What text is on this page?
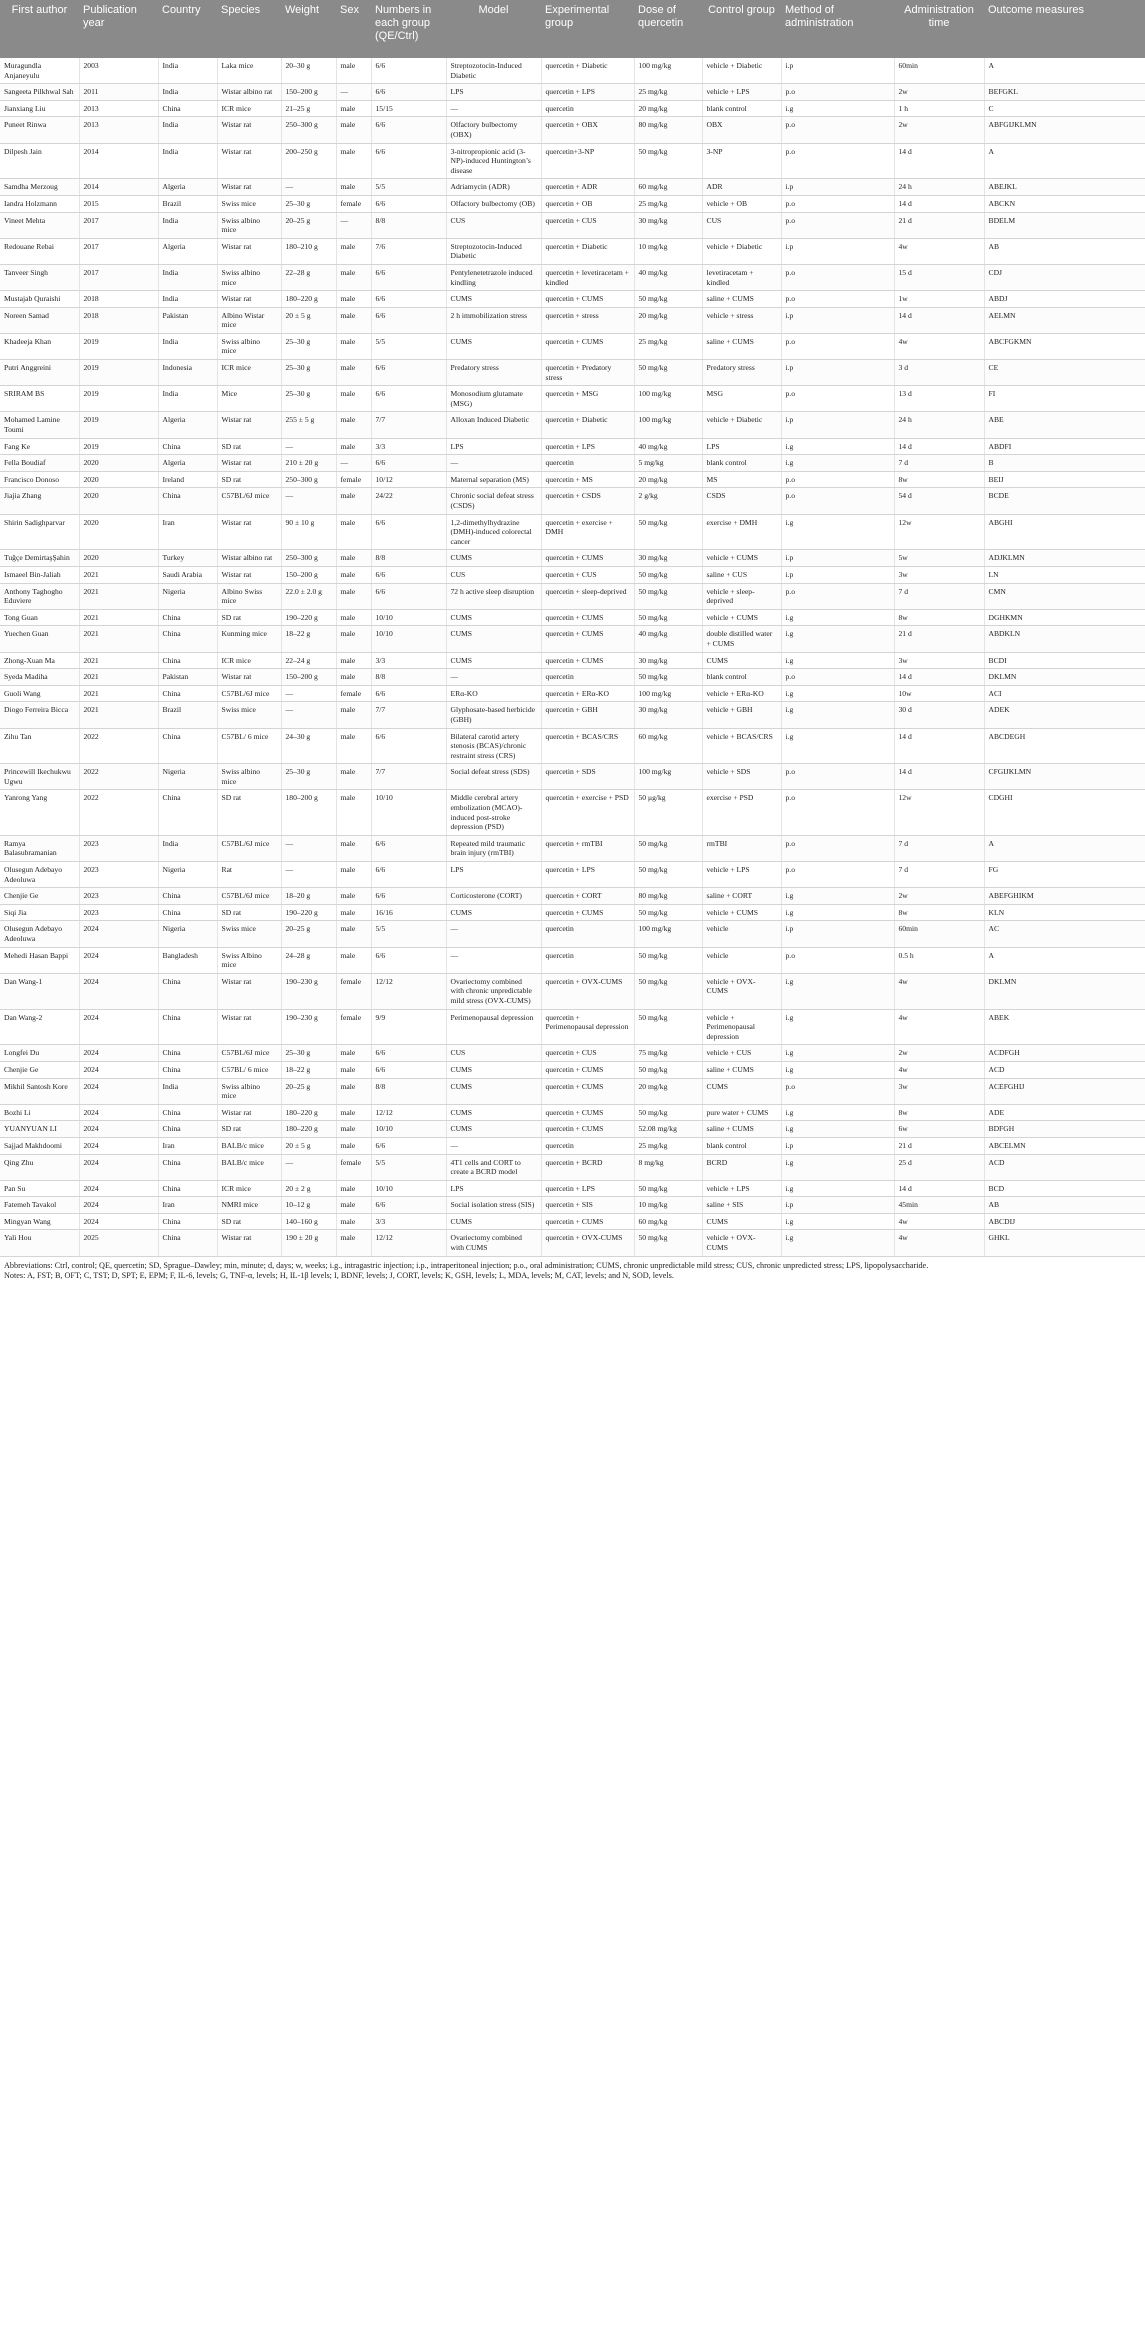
First author	Publication year	Country	Species	Weight	Sex	Numbers in each group (QE/Ctrl)	Model	Experimental group	Dose of quercetin	Control group	Method of administration	Administration time	Outcome measures
Muragundla Anjaneyulu	2003	India	Laka mice	20–30 g	male	6/6	Streptozotocin-Induced Diabetic	quercetin + Diabetic	100 mg/kg	vehicle + Diabetic	i.p	60min	A
Sangeeta Pilkhwal Sah	2011	India	Wistar albino rat	150–200 g	—	6/6	LPS	quercetin + LPS	25 mg/kg	vehicle + LPS	p.o	2w	BEFGKL
Jianxiang Liu	2013	China	ICR mice	21–25 g	male	15/15	—	quercetin	20 mg/kg	blank control	i.g	1 h	C
Puneet Rinwa	2013	India	Wistar rat	250–300 g	male	6/6	Olfactory bulbectomy (OBX)	quercetin + OBX	80 mg/kg	OBX	p.o	2w	ABFGIJKLMN
Dilpesh Jain	2014	India	Wistar rat	200–250 g	male	6/6	3-nitropropionic acid (3-NP)-induced Huntington’s disease	quercetin+3-NP	50 mg/kg	3-NP	p.o	14 d	A
Samdha Merzoug	2014	Algeria	Wistar rat	—	male	5/5	Adriamycin (ADR)	quercetin + ADR	60 mg/kg	ADR	i.p	24 h	ABEJKL
Iandra Holzmann	2015	Brazil	Swiss mice	25–30 g	female	6/6	Olfactory bulbectomy (OB)	quercetin + OB	25 mg/kg	vehicle + OB	p.o	14 d	ABCKN
Vineet Mehta	2017	India	Swiss albino mice	20–25 g	—	8/8	CUS	quercetin + CUS	30 mg/kg	CUS	p.o	21 d	BDELM
Redouane Rebai	2017	Algeria	Wistar rat	180–210 g	male	7/6	Streptozotocin-Induced Diabetic	quercetin + Diabetic	10 mg/kg	vehicle + Diabetic	i.p	4w	AB
Tanveer Singh	2017	India	Swiss albino mice	22–28 g	male	6/6	Pentylenetetrazole induced kindling	quercetin + levetiracetam + kindled	40 mg/kg	levetiracetam + kindled	p.o	15 d	CDJ
Mustajab Quraishi	2018	India	Wistar rat	180–220 g	male	6/6	CUMS	quercetin + CUMS	50 mg/kg	saline + CUMS	p.o	1w	ABDJ
Noreen Samad	2018	Pakistan	Albino Wistar mice	20 ± 5 g	male	6/6	2 h immobilization stress	quercetin + stress	20 mg/kg	vehicle + stress	i.p	14 d	AELMN
Khadeeja Khan	2019	India	Swiss albino mice	25–30 g	male	5/5	CUMS	quercetin + CUMS	25 mg/kg	saline + CUMS	p.o	4w	ABCFGKMN
Putri Anggreini	2019	Indonesia	ICR mice	25–30 g	male	6/6	Predatory stress	quercetin + Predatory stress	50 mg/kg	Predatory stress	i.p	3 d	CE
SRIRAM BS	2019	India	Mice	25–30 g	male	6/6	Monosodium glutamate (MSG)	quercetin + MSG	100 mg/kg	MSG	p.o	13 d	FI
Mohamed Lamine Toumi	2019	Algeria	Wistar rat	255 ± 5 g	male	7/7	Alloxan Induced Diabetic	quercetin + Diabetic	100 mg/kg	vehicle + Diabetic	i.p	24 h	ABE
Fang Ke	2019	China	SD rat	—	male	3/3	LPS	quercetin + LPS	40 mg/kg	LPS	i.g	14 d	ABDFI
Fella Boudiaf	2020	Algeria	Wistar rat	210 ± 20 g	—	6/6	—	quercetin	5 mg/kg	blank control	i.g	7 d	B
Francisco Donoso	2020	Ireland	SD rat	250–300 g	female	10/12	Maternal separation (MS)	quercetin + MS	20 mg/kg	MS	p.o	8w	BEIJ
Jiajia Zhang	2020	China	C57BL/6J mice	—	male	24/22	Chronic social defeat stress (CSDS)	quercetin + CSDS	2 g/kg	CSDS	p.o	54 d	BCDE
Shirin Sadighparvar	2020	Iran	Wistar rat	90 ± 10 g	male	6/6	1,2-dimethylhydrazine (DMH)-induced colorectal cancer	quercetin + exercise + DMH	50 mg/kg	exercise + DMH	i.g	12w	ABGHI
Tuğçe DemirtaşŞahin	2020	Turkey	Wistar albino rat	250–300 g	male	8/8	CUMS	quercetin + CUMS	30 mg/kg	vehicle + CUMS	i.p	5w	ADJKLMN
Ismaeel Bin-Jaliah	2021	Saudi Arabia	Wistar rat	150–200 g	male	6/6	CUS	quercetin + CUS	50 mg/kg	saline + CUS	i.p	3w	LN
Anthony Taghogho Eduviere	2021	Nigeria	Albino Swiss mice	22.0 ± 2.0 g	male	6/6	72 h active sleep disruption	quercetin + sleep-deprived	50 mg/kg	vehicle + sleep-deprived	p.o	7 d	CMN
Tong Guan	2021	China	SD rat	190–220 g	male	10/10	CUMS	quercetin + CUMS	50 mg/kg	vehicle + CUMS	i.g	8w	DGHKMN
Yuechen Guan	2021	China	Kunming mice	18–22 g	male	10/10	CUMS	quercetin + CUMS	40 mg/kg	double distilled water + CUMS	i.g	21 d	ABDKLN
Zhong-Xuan Ma	2021	China	ICR mice	22–24 g	male	3/3	CUMS	quercetin + CUMS	30 mg/kg	CUMS	i.g	3w	BCDI
Syeda Madiha	2021	Pakistan	Wistar rat	150–200 g	male	8/8	—	quercetin	50 mg/kg	blank control	p.o	14 d	DKLMN
Guoli Wang	2021	China	C57BL/6J mice	—	female	6/6	ERα-KO	quercetin + ERα-KO	100 mg/kg	vehicle + ERα-KO	i.g	10w	ACI
Diogo Ferreira Bicca	2021	Brazil	Swiss mice	—	male	7/7	Glyphosate-based herbicide (GBH)	quercetin + GBH	30 mg/kg	vehicle + GBH	i.g	30 d	ADEK
Zihu Tan	2022	China	C57BL/ 6 mice	24–30 g	male	6/6	Bilateral carotid artery stenosis (BCAS)/chronic restraint stress (CRS)	quercetin + BCAS/CRS	60 mg/kg	vehicle + BCAS/CRS	i.g	14 d	ABCDEGH
Princewill Ikechukwu Ugwu	2022	Nigeria	Swiss albino mice	25–30 g	male	7/7	Social defeat stress (SDS)	quercetin + SDS	100 mg/kg	vehicle + SDS	p.o	14 d	CFGIJKLMN
Yanrong Yang	2022	China	SD rat	180–200 g	male	10/10	Middle cerebral artery embolization (MCAO)-induced post-stroke depression (PSD)	quercetin + exercise + PSD	50 μg/kg	exercise + PSD	p.o	12w	CDGHI
Ramya Balasubramanian	2023	India	C57BL/6J mice	—	male	6/6	Repeated mild traumatic brain injury (rmTBI)	quercetin + rmTBI	50 mg/kg	rmTBI	p.o	7 d	A
Olusegun Adebayo Adeoluwa	2023	Nigeria	Rat	—	male	6/6	LPS	quercetin + LPS	50 mg/kg	vehicle + LPS	p.o	7 d	FG
Chenjie Ge	2023	China	C57BL/6J mice	18–20 g	male	6/6	Corticosterone (CORT)	quercetin + CORT	80 mg/kg	saline + CORT	i.g	2w	ABEFGHIKM
Siqi Jia	2023	China	SD rat	190–220 g	male	16/16	CUMS	quercetin + CUMS	50 mg/kg	vehicle + CUMS	i.g	8w	KLN
Olusegun Adebayo Adeoluwa	2024	Nigeria	Swiss mice	20–25 g	male	5/5	—	quercetin	100 mg/kg	vehicle	i.p	60min	AC
Mehedi Hasan Bappi	2024	Bangladesh	Swiss Albino mice	24–28 g	male	6/6	—	quercetin	50 mg/kg	vehicle	p.o	0.5 h	A
Dan Wang-1	2024	China	Wistar rat	190–230 g	female	12/12	Ovariectomy combined with chronic unpredictable mild stress (OVX-CUMS)	quercetin + OVX-CUMS	50 mg/kg	vehicle + OVX-CUMS	i.g	4w	DKLMN
Dan Wang-2	2024	China	Wistar rat	190–230 g	female	9/9	Perimenopausal depression	quercetin + Perimenopausal depression	50 mg/kg	vehicle + Perimenopausal depression	i.g	4w	ABEK
Longfei Du	2024	China	C57BL/6J mice	25–30 g	male	6/6	CUS	quercetin + CUS	75 mg/kg	vehicle + CUS	i.g	2w	ACDFGH
Chenjie Ge	2024	China	C57BL/ 6 mice	18–22 g	male	6/6	CUMS	quercetin + CUMS	50 mg/kg	saline + CUMS	i.g	4w	ACD
Mikhil Santosh Kore	2024	India	Swiss albino mice	20–25 g	male	8/8	CUMS	quercetin + CUMS	20 mg/kg	CUMS	p.o	3w	ACEFGHIJ
Bozhi Li	2024	China	Wistar rat	180–220 g	male	12/12	CUMS	quercetin + CUMS	50 mg/kg	pure water + CUMS	i.g	8w	ADE
YUANYUAN LI	2024	China	SD rat	180–220 g	male	10/10	CUMS	quercetin + CUMS	52.08 mg/kg	saline + CUMS	i.g	6w	BDFGH
Sajjad Makhdoomi	2024	Iran	BALB/c mice	20 ± 5 g	male	6/6	—	quercetin	25 mg/kg	blank control	i.p	21 d	ABCELMN
Qing Zhu	2024	China	BALB/c mice	—	female	5/5	4T1 cells and CORT to create a BCRD model	quercetin + BCRD	8 mg/kg	BCRD	i.g	25 d	ACD
Pan Su	2024	China	ICR mice	20 ± 2 g	male	10/10	LPS	quercetin + LPS	50 mg/kg	vehicle + LPS	i.g	14 d	BCD
Fatemeh Tavakol	2024	Iran	NMRI mice	10–12 g	male	6/6	Social isolation stress (SIS)	quercetin + SIS	10 mg/kg	saline + SIS	i.p	45min	AB
Mingyan Wang	2024	China	SD rat	140–160 g	male	3/3	CUMS	quercetin + CUMS	60 mg/kg	CUMS	i.g	4w	ABCDIJ
Yali Hou	2025	China	Wistar rat	190 ± 20 g	male	12/12	Ovariectomy combined with CUMS	quercetin + OVX-CUMS	50 mg/kg	vehicle + OVX-CUMS	i.g	4w	GHKL
Abbreviations: Ctrl, control; QE, quercetin; SD, Sprague–Dawley; min, minute; d, days; w, weeks; i.g., intragastric injection; i.p., intraperitoneal injection; p.o., oral administration; CUMS, chronic unpredictable mild stress; CUS, chronic unpredicted stress; LPS, lipopolysaccharide.
Notes: A, FST; B, OFT; C, TST; D, SPT; E, EPM; F, IL-6, levels; G, TNF-α, levels; H, IL-1β levels; I, BDNF, levels; J, CORT, levels; K, GSH, levels; L, MDA, levels; M, CAT, levels; and N, SOD, levels.
